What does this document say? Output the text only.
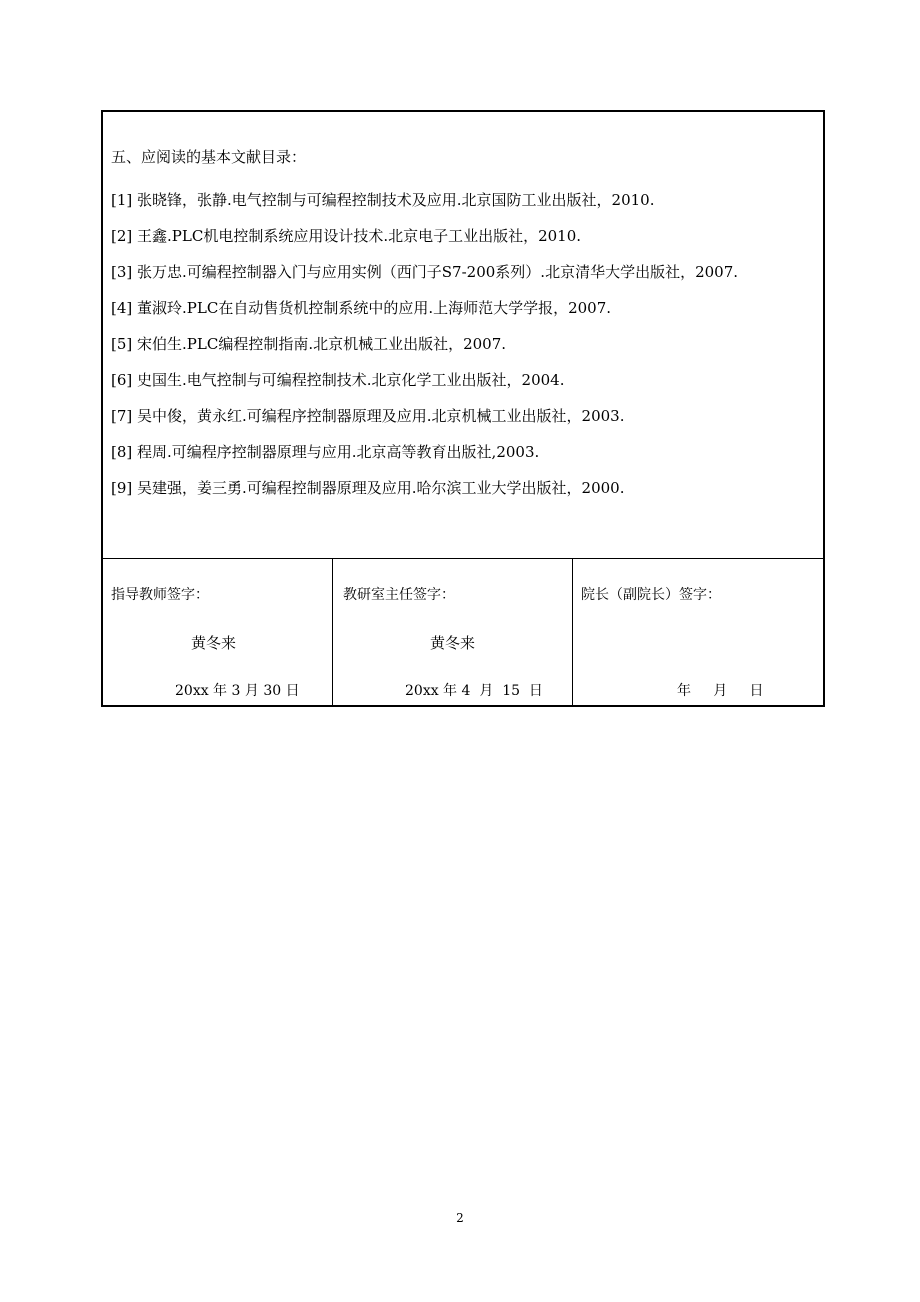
五、应阅读的基本文献目录：
[1] 张晓锋，张静.电气控制与可编程控制技术及应用.北京国防工业出版社，2010.
[2] 王鑫.PLC机电控制系统应用设计技术.北京电子工业出版社，2010.
[3] 张万忠.可编程控制器入门与应用实例（西门子S7-200系列）.北京清华大学出版社，2007.
[4] 董淑玲.PLC在自动售货机控制系统中的应用.上海师范大学学报，2007.
[5] 宋伯生.PLC编程控制指南.北京机械工业出版社，2007.
[6] 史国生.电气控制与可编程控制技术.北京化学工业出版社，2004.
[7] 吴中俊，黄永红.可编程序控制器原理及应用.北京机械工业出版社，2003.
[8] 程周.可编程序控制器原理与应用.北京高等教育出版社,2003.
[9] 吴建强，姜三勇.可编程控制器原理及应用.哈尔滨工业大学出版社，2000.
指导教师签字：
黄冬来
20xx 年 3 月 30 日
教研室主任签字：
黄冬来
20xx 年 4  月  15  日
院长（副院长）签字：
年     月     日
2
